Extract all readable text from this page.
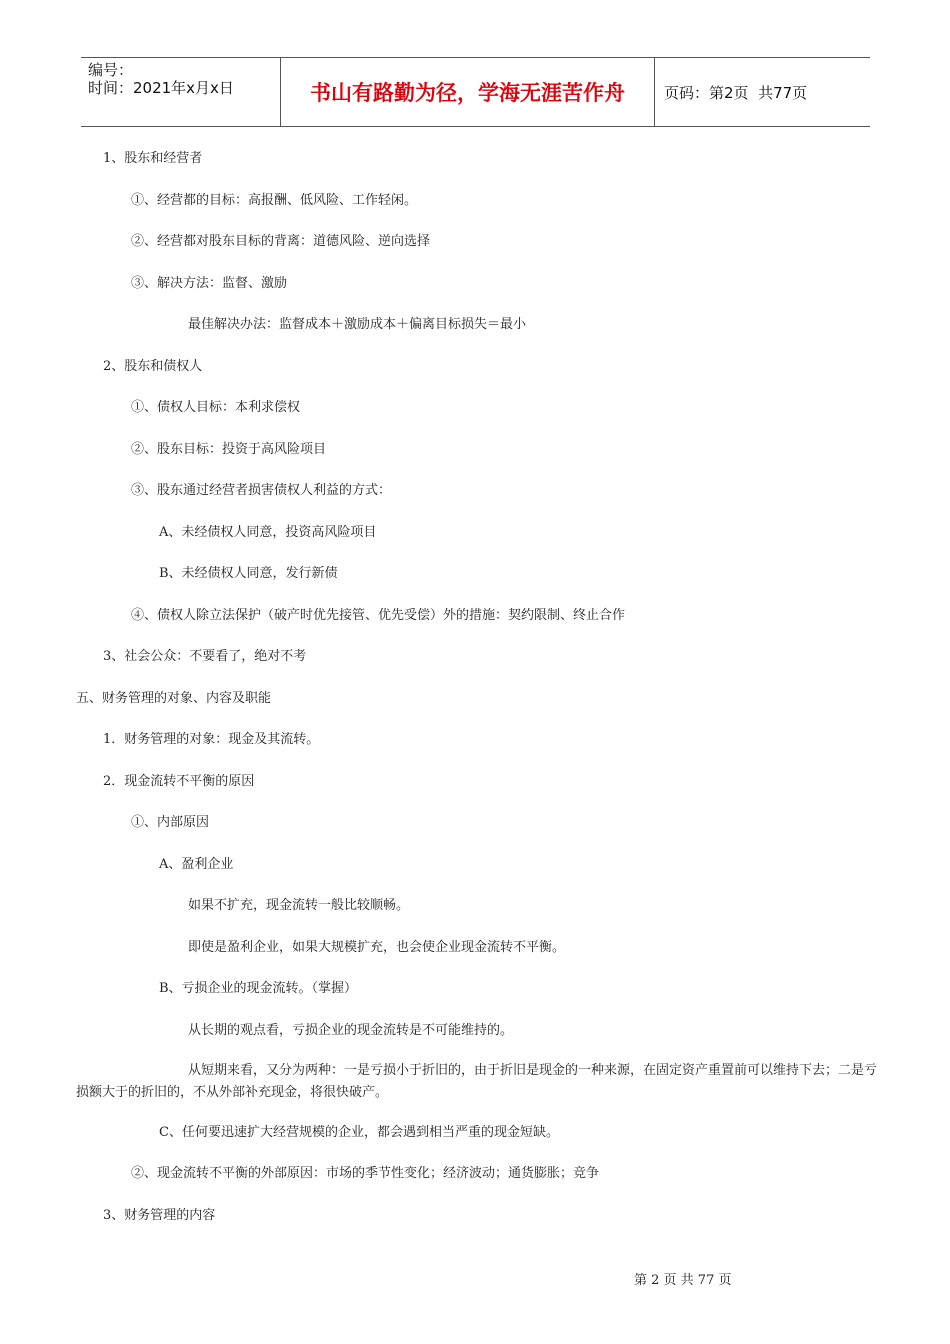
编号：
时间：2021年x月x日	书山有路勤为径，学海无涯苦作舟	页码：第2页  共77页
1、股东和经营者
①、经营都的目标：高报酬、低风险、工作轻闲。
②、经营都对股东目标的背离：道德风险、逆向选择
③、解决方法：监督、激励
最佳解决办法：监督成本＋激励成本＋偏离目标损失＝最小
2、股东和债权人
①、债权人目标：本利求偿权
②、股东目标：投资于高风险项目
③、股东通过经营者损害债权人利益的方式：
A、未经债权人同意，投资高风险项目
B、未经债权人同意，发行新债
④、债权人除立法保护（破产时优先接管、优先受偿）外的措施：契约限制、终止合作
3、社会公众：不要看了，绝对不考
五、财务管理的对象、内容及职能
1．财务管理的对象：现金及其流转。
2．现金流转不平衡的原因
①、内部原因
A、盈利企业
如果不扩充，现金流转一般比较顺畅。
即使是盈利企业，如果大规模扩充，也会使企业现金流转不平衡。
B、亏损企业的现金流转。（掌握）
从长期的观点看，亏损企业的现金流转是不可能维持的。
从短期来看，又分为两种：一是亏损小于折旧的，由于折旧是现金的一种来源，在固定资产重置前可以维持下去；二是亏损额大于的折旧的，不从外部补充现金，将很快破产。
C、任何要迅速扩大经营规模的企业，都会遇到相当严重的现金短缺。
②、现金流转不平衡的外部原因：市场的季节性变化；经济波动；通货膨胀；竞争
3、财务管理的内容
第 2 页 共 77 页
